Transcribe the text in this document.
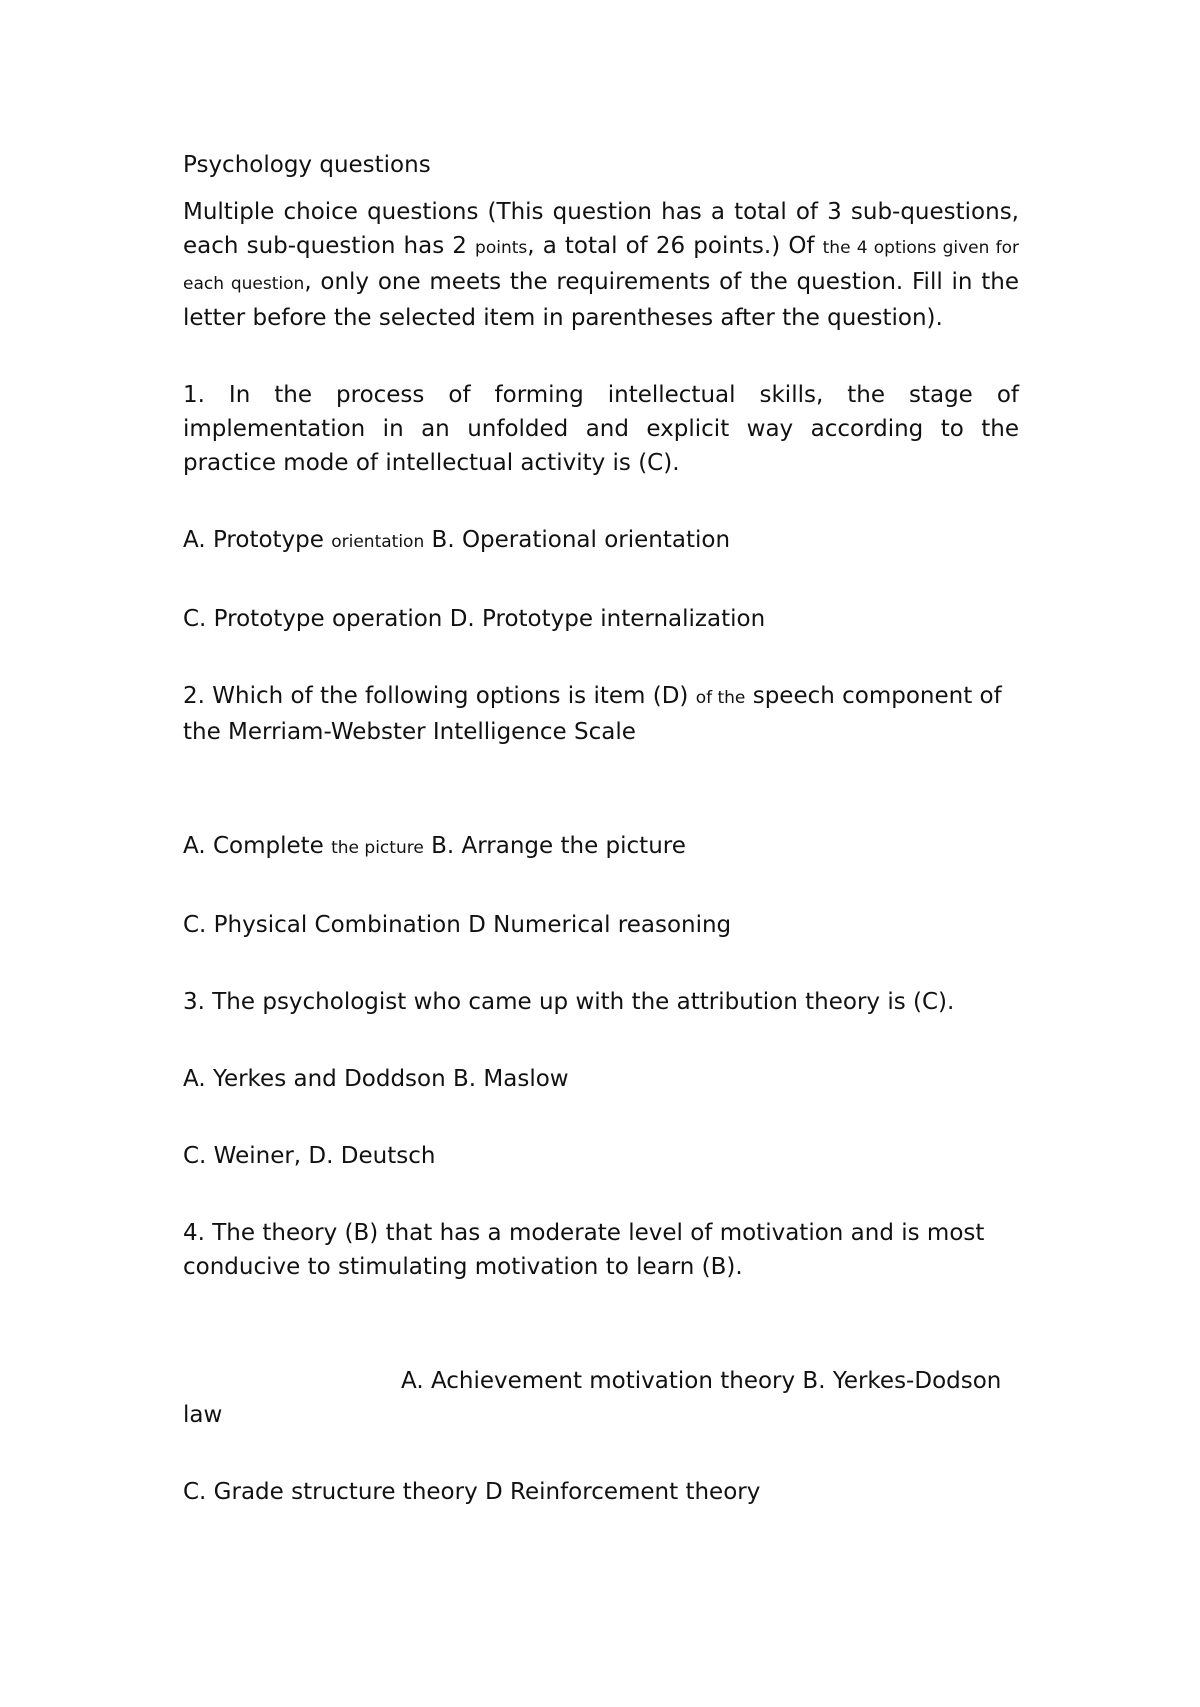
Psychology questions

Multiple choice questions (This question has a total of 3 sub-questions, each sub-question has 2 points, a total of 26 points.) Of the 4 options given for each question, only one meets the requirements of the question. Fill in the letter before the selected item in parentheses after the question).

1. In the process of forming intellectual skills, the stage of implementation in an unfolded and explicit way according to the practice mode of intellectual activity is (C).

A. Prototype orientation B. Operational orientation

C. Prototype operation D. Prototype internalization

2. Which of the following options is item (D) of the speech component of the Merriam-Webster Intelligence Scale

A. Complete the picture B. Arrange the picture

C. Physical Combination D Numerical reasoning

3. The psychologist who came up with the attribution theory is (C).

A. Yerkes and Doddson B. Maslow

C. Weiner, D. Deutsch

4. The theory (B) that has a moderate level of motivation and is most conducive to stimulating motivation to learn (B).

A. Achievement motivation theory B. Yerkes-Dodson law

C. Grade structure theory D Reinforcement theory
